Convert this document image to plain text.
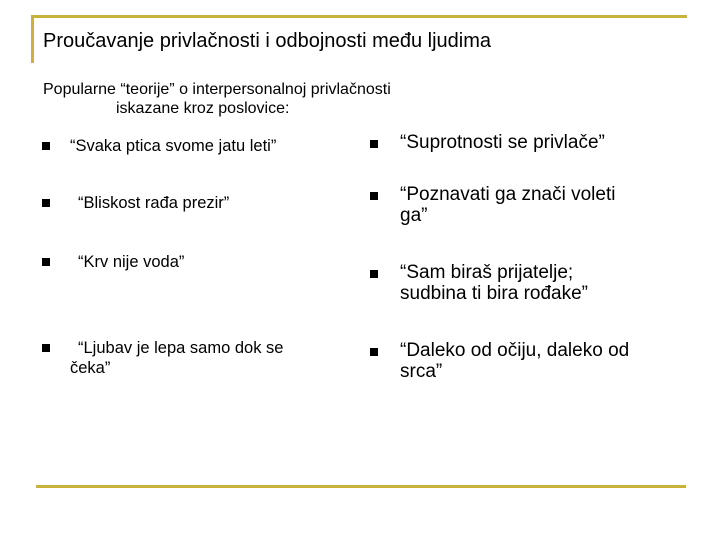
Proučavanje privlačnosti i odbojnosti među ljudima
Popularne “teorije” o interpersonalnoj privlačnosti
iskazane kroz poslovice:
“Svaka ptica svome jatu leti”
“Bliskost rađa prezir”
“Krv nije voda”
“Ljubav je lepa samo dok se
čeka”
“Suprotnosti se privlače”
“Poznavati ga znači voleti
ga”
“Sam biraš prijatelje;
sudbina ti bira rođake”
“Daleko od očiju, daleko od
srca”
